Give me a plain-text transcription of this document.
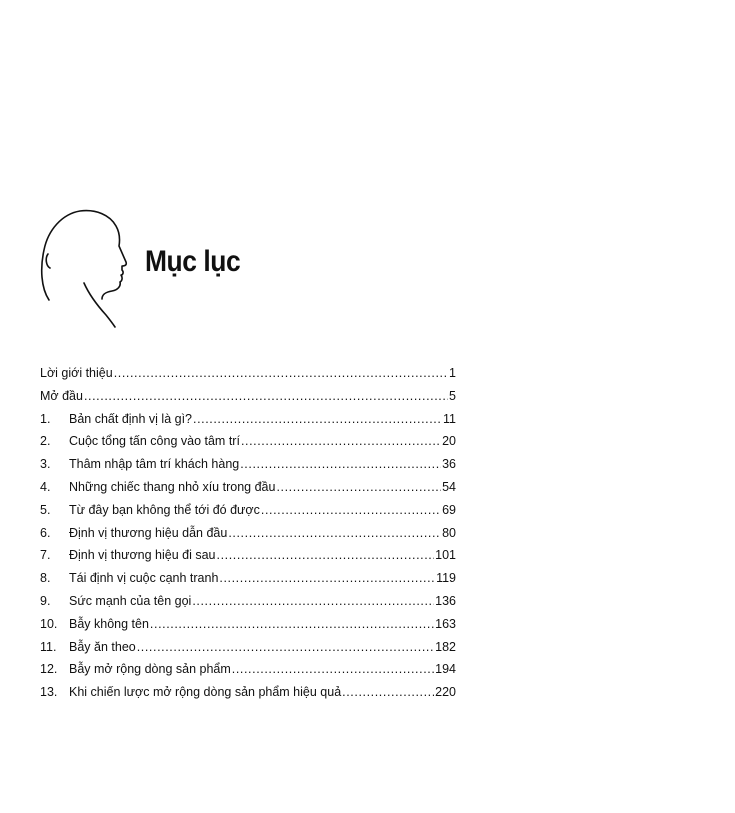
Mục lục
Lời giới thiệu .....	1
Mở đầu .....	5
1.	Bản chất định vị là gì? .....	11
2.	Cuộc tổng tấn công vào tâm trí .....	20
3.	Thâm nhập tâm trí khách hàng .....	36
4.	Những chiếc thang nhỏ xíu trong đầu .....	54
5.	Từ đây bạn không thể tới đó được .....	69
6.	Định vị thương hiệu dẫn đầu .....	80
7.	Định vị thương hiệu đi sau .....	101
8.	Tái định vị cuộc cạnh tranh .....	119
9.	Sức mạnh của tên gọi .....	136
10. Bẫy không tên .....	163
11.	Bẫy ăn theo .....	182
12. Bẫy mở rộng dòng sản phẩm .....	194
13. Khi chiến lược mở rộng dòng sản phẩm hiệu quả .....	220
